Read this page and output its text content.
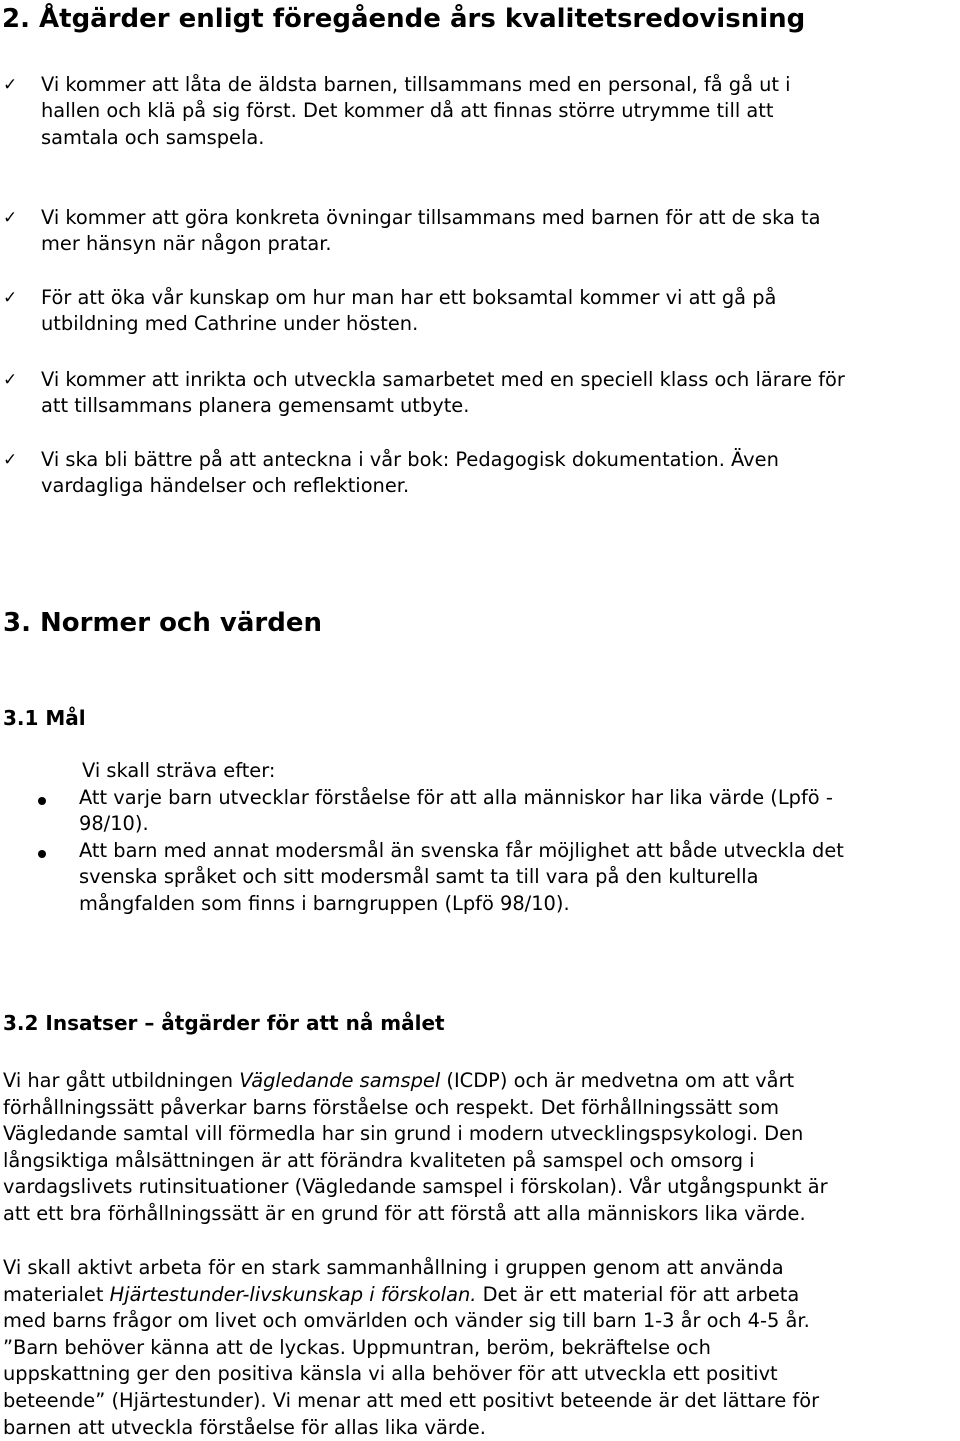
2. Åtgärder enligt föregående års kvalitetsredovisning
✓ Vi kommer att låta de äldsta barnen, tillsammans med en personal, få gå ut i
hallen och klä på sig först. Det kommer då att finnas större utrymme till att
samtala och samspela.
✓ Vi kommer att göra konkreta övningar tillsammans med barnen för att de ska ta
mer hänsyn när någon pratar.
✓ För att öka vår kunskap om hur man har ett boksamtal kommer vi att gå på
utbildning med Cathrine under hösten.
✓ Vi kommer att inrikta och utveckla samarbetet med en speciell klass och lärare för
att tillsammans planera gemensamt utbyte.
✓ Vi ska bli bättre på att anteckna i vår bok: Pedagogisk dokumentation. Även
vardagliga händelser och reflektioner.
3. Normer och värden
3.1 Mål
Vi skall sträva efter:
Att varje barn utvecklar förståelse för att alla människor har lika värde (Lpfö -
98/10).
Att barn med annat modersmål än svenska får möjlighet att både utveckla det
svenska språket och sitt modersmål samt ta till vara på den kulturella
mångfalden som finns i barngruppen (Lpfö 98/10).
3.2 Insatser – åtgärder för att nå målet

Vi har gått utbildningen Vägledande samspel (ICDP) och är medvetna om att vårt
förhållningssätt påverkar barns förståelse och respekt. Det förhållningssätt som
Vägledande samtal vill förmedla har sin grund i modern utvecklingspsykologi. Den
långsiktiga målsättningen är att förändra kvaliteten på samspel och omsorg i
vardagslivets rutinsituationer (Vägledande samspel i förskolan). Vår utgångspunkt är
att ett bra förhållningssätt är en grund för att förstå att alla människors lika värde.

Vi skall aktivt arbeta för en stark sammanhållning i gruppen genom att använda
materialet Hjärtestunder-livskunskap i förskolan. Det är ett material för att arbeta
med barns frågor om livet och omvärlden och vänder sig till barn 1-3 år och 4-5 år.
”Barn behöver känna att de lyckas. Uppmuntran, beröm, bekräftelse och
uppskattning ger den positiva känsla vi alla behöver för att utveckla ett positivt
beteende” (Hjärtestunder). Vi menar att med ett positivt beteende är det lättare för
barnen att utveckla förståelse för allas lika värde.
